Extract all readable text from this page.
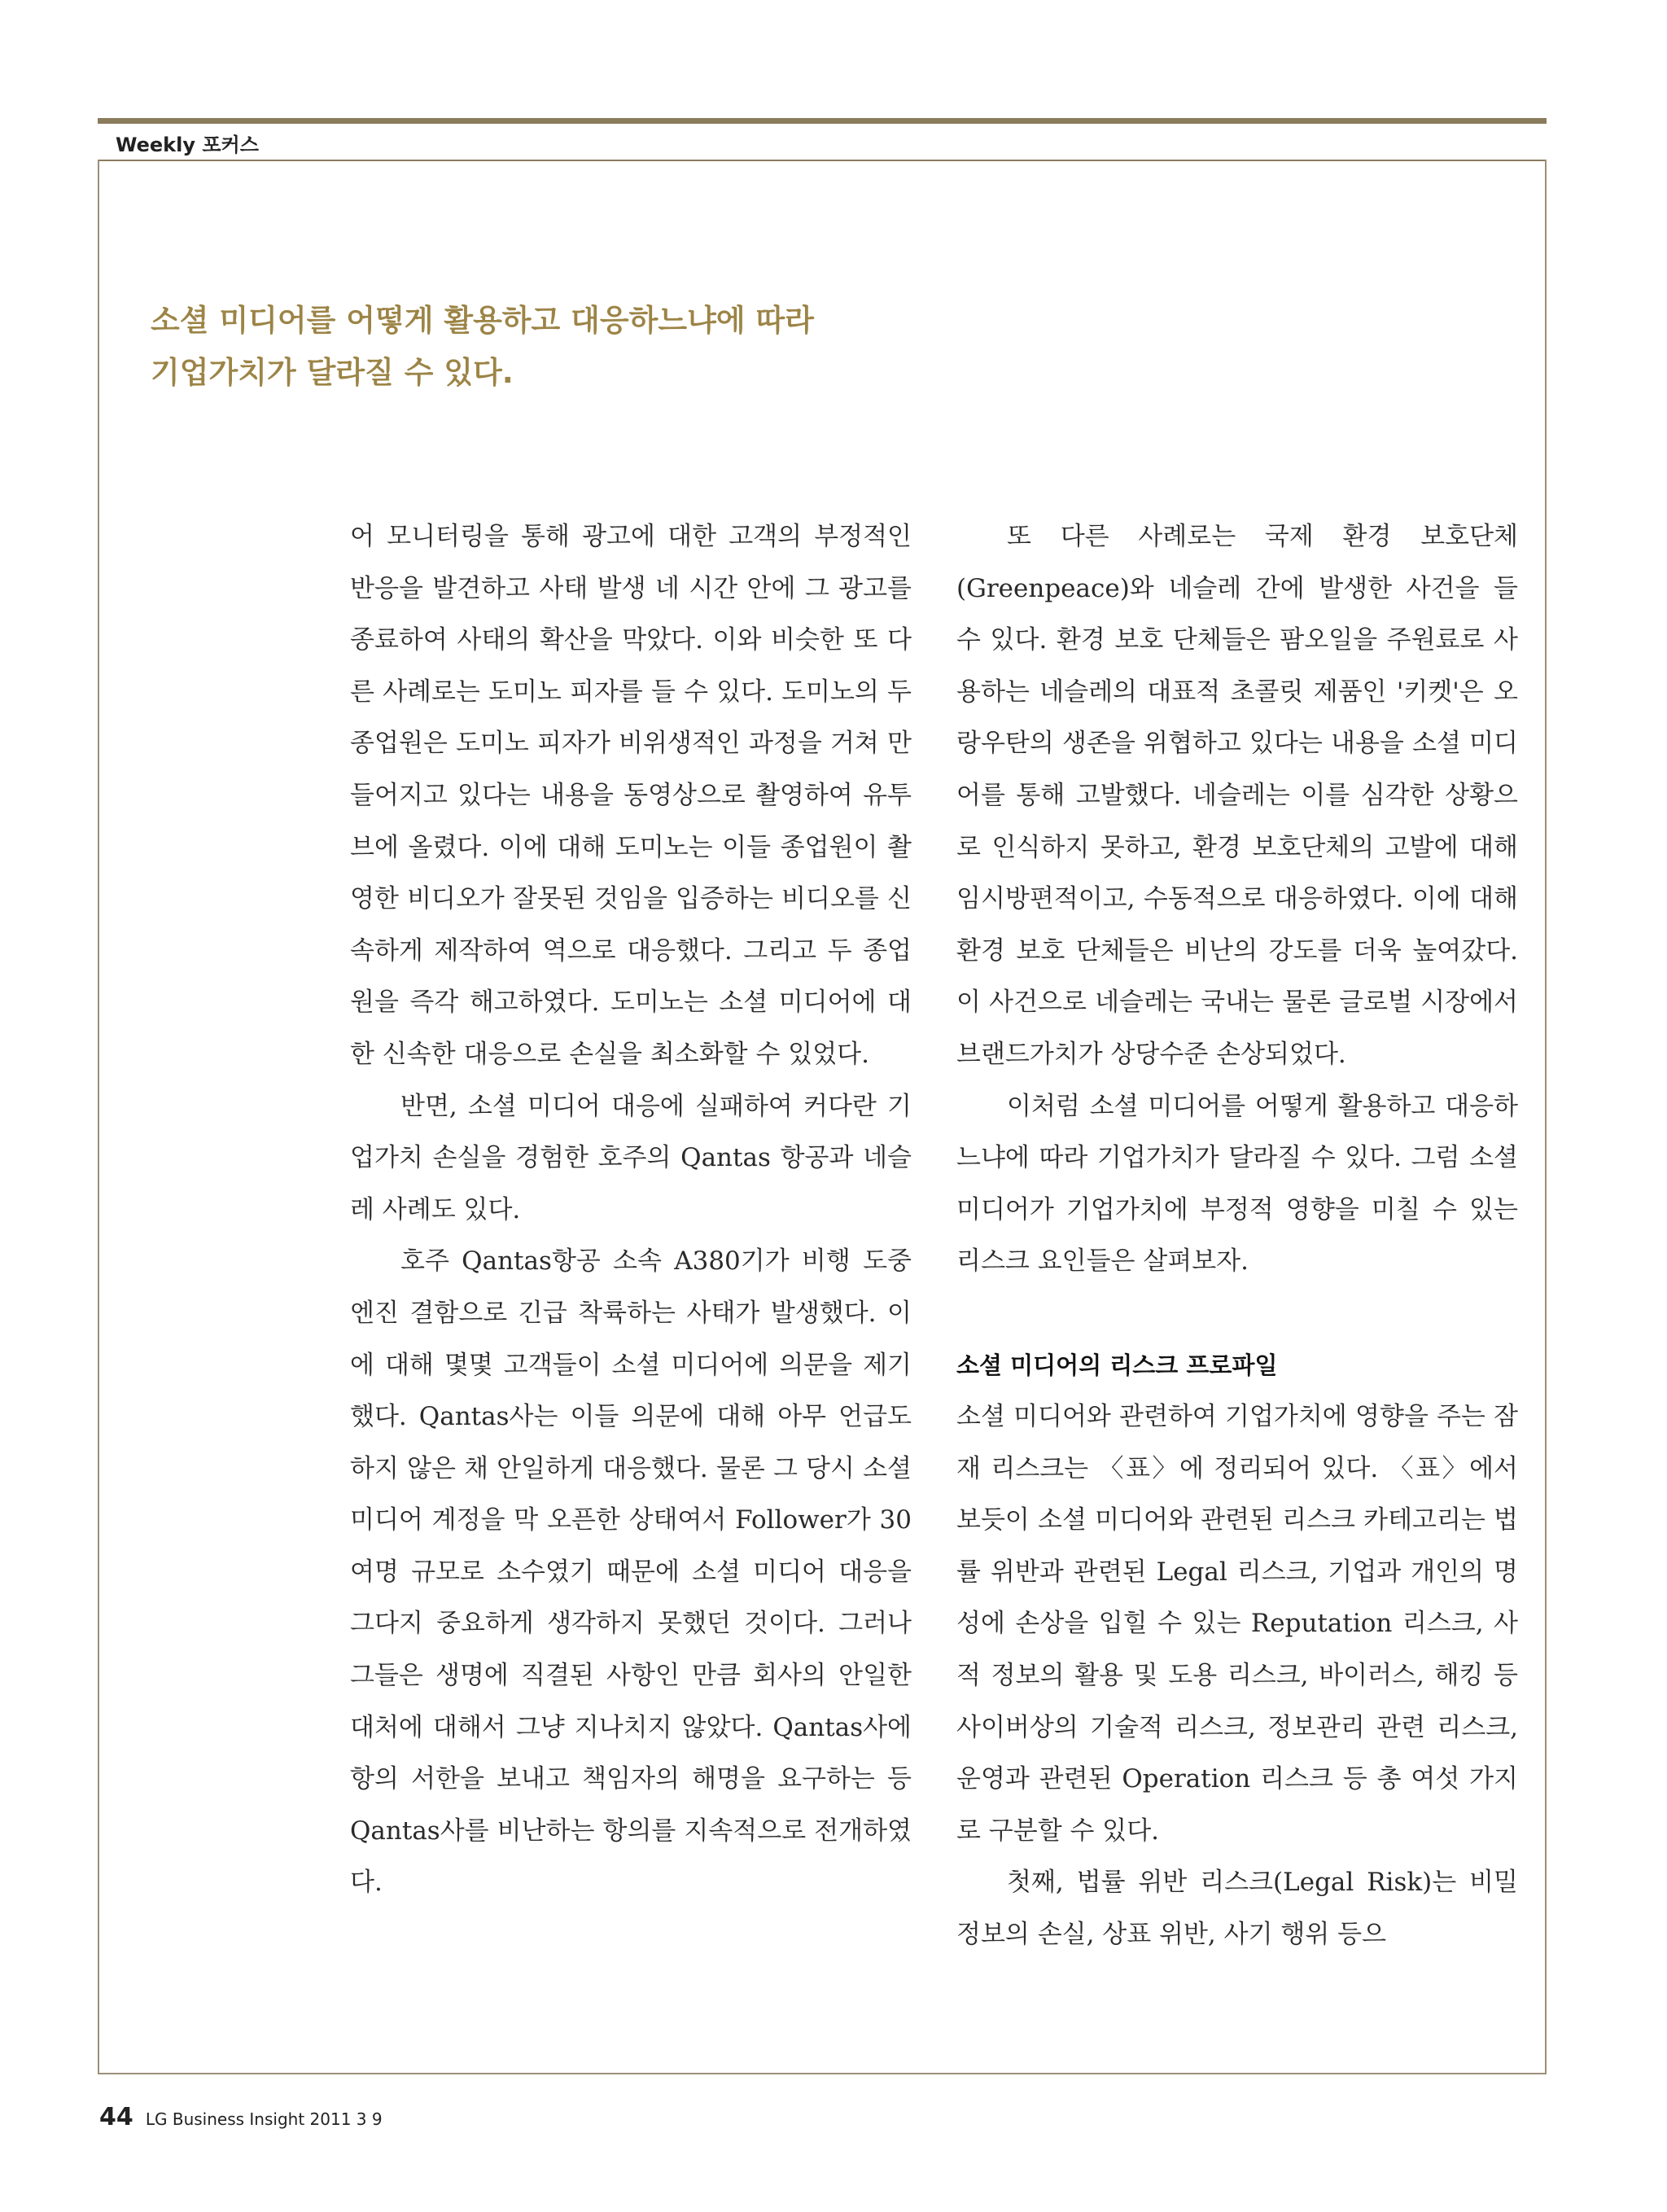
Weekly 포커스
소셜 미디어를 어떻게 활용하고 대응하느냐에 따라
기업가치가 달라질 수 있다.

어 모니터링을 통해 광고에 대한 고객의 부정적인 반응을 발견하고 사태 발생 네 시간 안에 그 광고를 종료하여 사태의 확산을 막았다. 이와 비슷한 또 다른 사례로는 도미노 피자를 들 수 있다. 도미노의 두 종업원은 도미노 피자가 비위생적인 과정을 거쳐 만들어지고 있다는 내용을 동영상으로 촬영하여 유투브에 올렸다. 이에 대해 도미노는 이들 종업원이 촬영한 비디오가 잘못된 것임을 입증하는 비디오를 신속하게 제작하여 역으로 대응했다. 그리고 두 종업원을 즉각 해고하였다. 도미노는 소셜 미디어에 대한 신속한 대응으로 손실을 최소화할 수 있었다.

반면, 소셜 미디어 대응에 실패하여 커다란 기업가치 손실을 경험한 호주의 Qantas 항공과 네슬레 사례도 있다.

호주 Qantas항공 소속 A380기가 비행 도중 엔진 결함으로 긴급 착륙하는 사태가 발생했다. 이에 대해 몇몇 고객들이 소셜 미디어에 의문을 제기했다. Qantas사는 이들 의문에 대해 아무 언급도 하지 않은 채 안일하게 대응했다. 물론 그 당시 소셜 미디어 계정을 막 오픈한 상태여서 Follower가 30여명 규모로 소수였기 때문에 소셜 미디어 대응을 그다지 중요하게 생각하지 못했던 것이다. 그러나 그들은 생명에 직결된 사항인 만큼 회사의 안일한 대처에 대해서 그냥 지나치지 않았다. Qantas사에 항의 서한을 보내고 책임자의 해명을 요구하는 등 Qantas사를 비난하는 항의를 지속적으로 전개하였다.

또 다른 사례로는 국제 환경 보호단체(Greenpeace)와 네슬레 간에 발생한 사건을 들 수 있다. 환경 보호 단체들은 팜오일을 주원료로 사용하는 네슬레의 대표적 초콜릿 제품인 '키켓'은 오랑우탄의 생존을 위협하고 있다는 내용을 소셜 미디어를 통해 고발했다. 네슬레는 이를 심각한 상황으로 인식하지 못하고, 환경 보호단체의 고발에 대해 임시방편적이고, 수동적으로 대응하였다. 이에 대해 환경 보호 단체들은 비난의 강도를 더욱 높여갔다. 이 사건으로 네슬레는 국내는 물론 글로벌 시장에서 브랜드가치가 상당수준 손상되었다.

이처럼 소셜 미디어를 어떻게 활용하고 대응하느냐에 따라 기업가치가 달라질 수 있다. 그럼 소셜 미디어가 기업가치에 부정적 영향을 미칠 수 있는 리스크 요인들은 살펴보자.

소셜 미디어의 리스크 프로파일

소셜 미디어와 관련하여 기업가치에 영향을 주는 잠재 리스크는 〈표〉에 정리되어 있다. 〈표〉에서 보듯이 소셜 미디어와 관련된 리스크 카테고리는 법률 위반과 관련된 Legal 리스크, 기업과 개인의 명성에 손상을 입힐 수 있는 Reputation 리스크, 사적 정보의 활용 및 도용 리스크, 바이러스, 해킹 등 사이버상의 기술적 리스크, 정보관리 관련 리스크, 운영과 관련된 Operation 리스크 등 총 여섯 가지로 구분할 수 있다.

첫째, 법률 위반 리스크(Legal Risk)는 비밀 정보의 손실, 상표 위반, 사기 행위 등으

44 LG Business Insight 2011 3 9
